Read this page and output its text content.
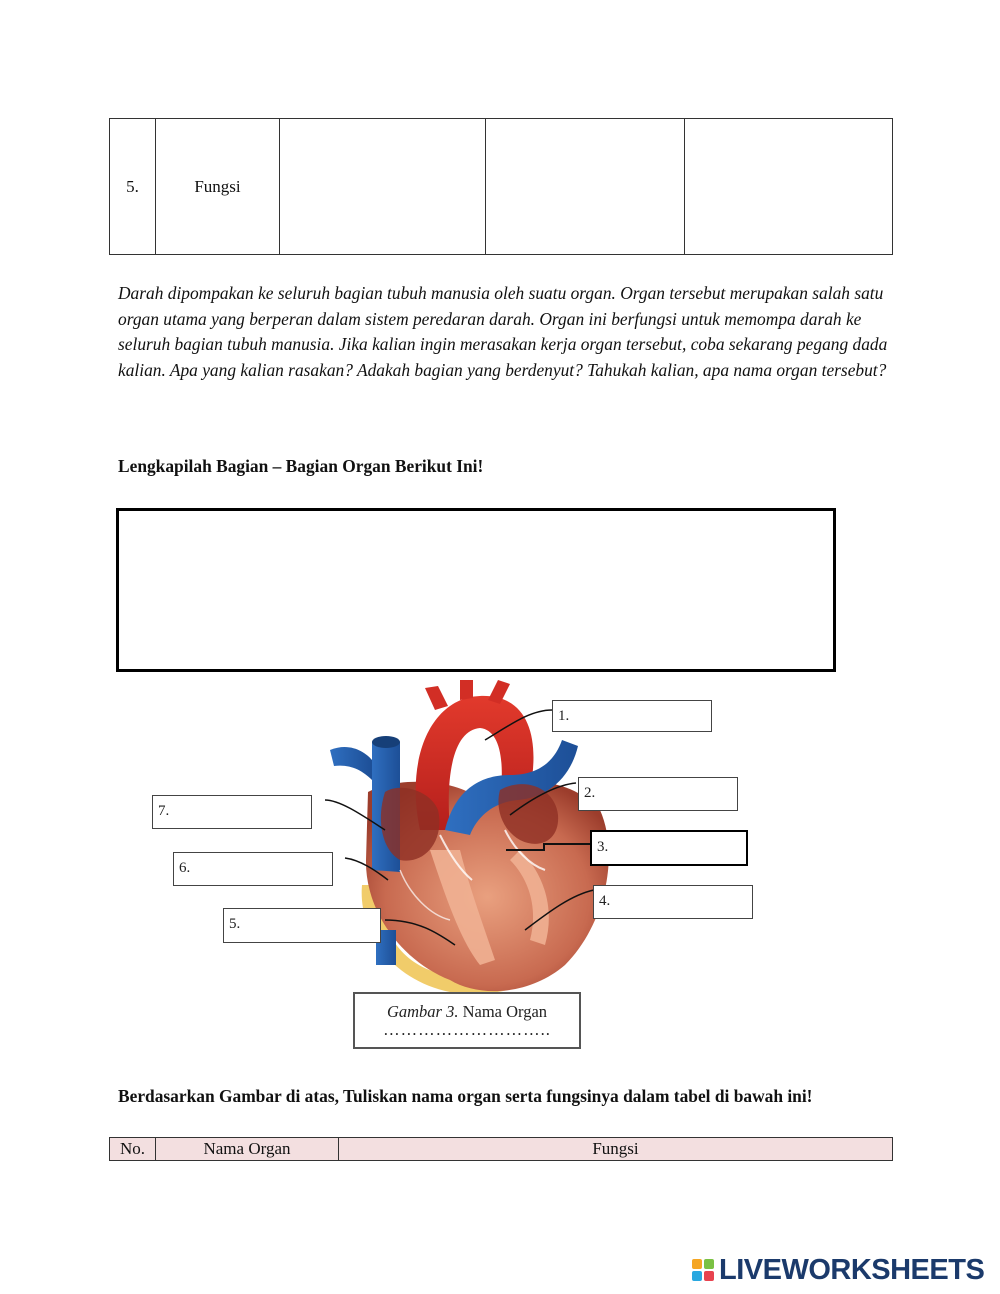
5.	Fungsi			
Darah dipompakan ke seluruh bagian tubuh manusia oleh suatu organ. Organ tersebut merupakan salah satu organ utama yang berperan dalam sistem peredaran darah. Organ ini berfungsi untuk memompa darah ke seluruh bagian tubuh manusia. Jika kalian ingin merasakan kerja organ tersebut, coba sekarang pegang dada kalian. Apa yang kalian rasakan? Adakah bagian yang berdenyut? Tahukah kalian, apa nama organ tersebut?
Lengkapilah Bagian – Bagian Organ Berikut Ini!
1.
2.
3.
4.
5.
6.
7.
Gambar 3. Nama Organ
………………………..
Berdasarkan Gambar di atas, Tuliskan nama organ serta fungsinya dalam tabel di bawah ini!
No.	Nama Organ	Fungsi
LIVEWORKSHEETS
